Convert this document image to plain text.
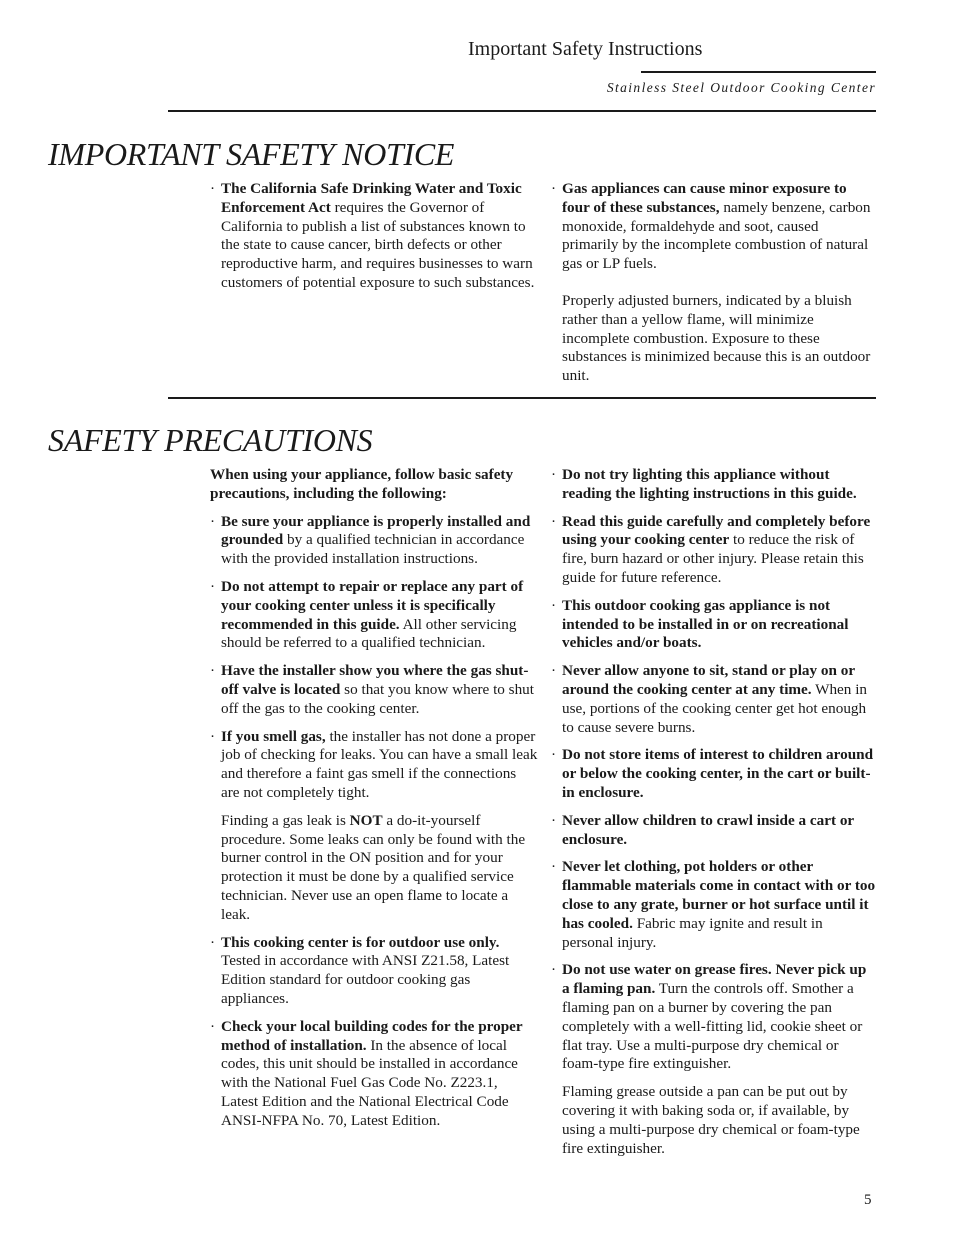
Important Safety Instructions
Stainless Steel Outdoor Cooking Center
IMPORTANT SAFETY NOTICE

· The California Safe Drinking Water and Toxic Enforcement Act requires the Governor of California to publish a list of substances known to the state to cause cancer, birth defects or other reproductive harm, and requires businesses to warn customers of potential exposure to such substances.

· Gas appliances can cause minor exposure to four of these substances, namely benzene, carbon monoxide, formaldehyde and soot, caused primarily by the incomplete combustion of natural gas or LP fuels.

Properly adjusted burners, indicated by a bluish rather than a yellow flame, will minimize incomplete combustion. Exposure to these substances is minimized because this is an outdoor unit.

SAFETY PRECAUTIONS

When using your appliance, follow basic safety precautions, including the following:

· Be sure your appliance is properly installed and grounded by a qualified technician in accordance with the provided installation instructions.

· Do not attempt to repair or replace any part of your cooking center unless it is specifically recommended in this guide. All other servicing should be referred to a qualified technician.

· Have the installer show you where the gas shut-off valve is located so that you know where to shut off the gas to the cooking center.

· If you smell gas, the installer has not done a proper job of checking for leaks. You can have a small leak and therefore a faint gas smell if the connections are not completely tight.

Finding a gas leak is NOT a do-it-yourself procedure. Some leaks can only be found with the burner control in the ON position and for your protection it must be done by a qualified service technician. Never use an open flame to locate a leak.

· This cooking center is for outdoor use only. Tested in accordance with ANSI Z21.58, Latest Edition standard for outdoor cooking gas appliances.

· Check your local building codes for the proper method of installation. In the absence of local codes, this unit should be installed in accordance with the National Fuel Gas Code No. Z223.1, Latest Edition and the National Electrical Code ANSI-NFPA No. 70, Latest Edition.

· Do not try lighting this appliance without reading the lighting instructions in this guide.

· Read this guide carefully and completely before using your cooking center to reduce the risk of fire, burn hazard or other injury. Please retain this guide for future reference.

· This outdoor cooking gas appliance is not intended to be installed in or on recreational vehicles and/or boats.

· Never allow anyone to sit, stand or play on or around the cooking center at any time. When in use, portions of the cooking center get hot enough to cause severe burns.

· Do not store items of interest to children around or below the cooking center, in the cart or built-in enclosure.

· Never allow children to crawl inside a cart or enclosure.

· Never let clothing, pot holders or other flammable materials come in contact with or too close to any grate, burner or hot surface until it has cooled. Fabric may ignite and result in personal injury.

· Do not use water on grease fires. Never pick up a flaming pan. Turn the controls off. Smother a flaming pan on a burner by covering the pan completely with a well-fitting lid, cookie sheet or flat tray. Use a multi-purpose dry chemical or foam-type fire extinguisher.

Flaming grease outside a pan can be put out by covering it with baking soda or, if available, by using a multi-purpose dry chemical or foam-type fire extinguisher.

5
